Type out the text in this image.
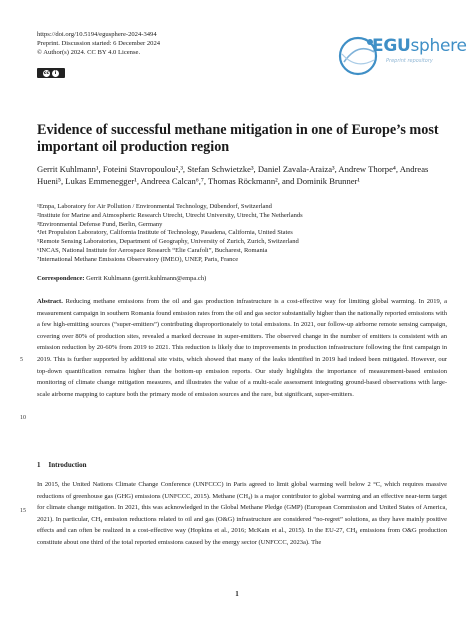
https://doi.org/10.5194/egusphere-2024-3494
Preprint. Discussion started: 6 December 2024
© Author(s) 2024. CC BY 4.0 License.
cc	i
EGUsphere
Preprint repository
Evidence of successful methane mitigation in one of Europe’s most important oil production region
Gerrit Kuhlmann¹, Foteini Stavropoulou²,³, Stefan Schwietzke³, Daniel Zavala-Araiza³, Andrew Thorpe⁴, Andreas Hueni⁵, Lukas Emmenegger¹, Andreea Calcan⁶,⁷, Thomas Röckmann², and Dominik Brunner¹
¹Empa, Laboratory for Air Pollution / Environmental Technology, Dübendorf, Switzerland
²Institute for Marine and Atmospheric Research Utrecht, Utrecht University, Utrecht, The Netherlands
³Environmental Defense Fund, Berlin, Germany
⁴Jet Propulsion Laboratory, California Institute of Technology, Pasadena, California, United States
⁵Remote Sensing Laboratories, Department of Geography, University of Zurich, Zurich, Switzerland
⁶INCAS, National Institute for Aerospace Research “Elie Carafoli”, Bucharest, Romania
⁷International Methane Emissions Observatory (IMEO), UNEP, Paris, France
Correspondence: Gerrit Kuhlmann (gerrit.kuhlmann@empa.ch)
Abstract. Reducing methane emissions from the oil and gas production infrastructure is a cost-effective way for limiting global warming. In 2019, a measurement campaign in southern Romania found emission rates from the oil and gas sector substantially higher than the nationally reported emissions with a few high-emitting sources (“super-emitters”) contributing disproportionately to total emissions. In 2021, our follow-up airborne remote sensing campaign, covering over 80% of production sites, revealed a marked decrease in super-emitters. The observed change in the number of emitters is consistent with an emission reduction by 20-60% from 2019 to 2021. This reduction is likely due to improvements in production infrastructure following the first campaign in 2019. This is further supported by additional site visits, which showed that many of the leaks identified in 2019 had indeed been mitigated. However, our top-down quantification remains higher than the bottom-up emission reports. Our study highlights the importance of measurement-based emission monitoring of climate change mitigation measures, and illustrates the value of a multi-scale assessment integrating ground-based observations with large-scale airborne mapping to capture both the primary mode of emission sources and the rare, but significant, super-emitters.
5
10
15
1 Introduction
In 2015, the United Nations Climate Change Conference (UNFCCC) in Paris agreed to limit global warming well below 2 °C, which requires massive reductions of greenhouse gas (GHG) emissions (UNFCCC, 2015). Methane (CH₄) is a major contributor to global warming and an effective near-term target for climate change mitigation. In 2021, this was acknowledged in the Global Methane Pledge (GMP) (European Commission and United States of America, 2021). In particular, CH₄ emission reductions related to oil and gas (O&G) infrastructure are considered “no-regret” solutions, as they have mainly positive effects and can often be realized in a cost-effective way (Hopkins et al., 2016; McKain et al., 2015). In the EU-27, CH₄ emissions from O&G production constitute about one third of the total reported emissions caused by the energy sector (UNFCCC, 2023a). The
1
